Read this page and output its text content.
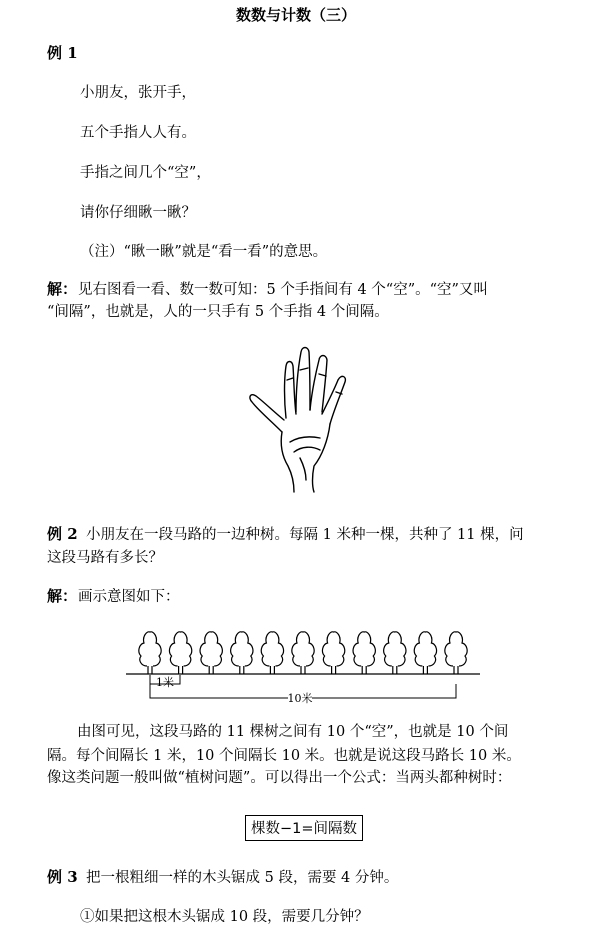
数数与计数（三）
例 1
小朋友，张开手，
五个手指人人有。
手指之间几个“空”，
请你仔细瞅一瞅？
（注）“瞅一瞅”就是“看一看”的意思。
解： 见右图看一看、数一数可知：5 个手指间有 4 个“空”。“空”又叫
“间隔”，也就是，人的一只手有 5 个手指 4 个间隔。
例 2 小朋友在一段马路的一边种树。每隔 1 米种一棵，共种了 11 棵，问
这段马路有多长？
解： 画示意图如下：
1米
10米
由图可见，这段马路的 11 棵树之间有 10 个“空”，也就是 10 个间
隔。每个间隔长 1 米，10 个间隔长 10 米。也就是说这段马路长 10 米。
像这类问题一般叫做“植树问题”。可以得出一个公式：当两头都种树时：
棵数−1=间隔数
例 3 把一根粗细一样的木头锯成 5 段，需要 4 分钟。
①如果把这根木头锯成 10 段，需要几分钟？
